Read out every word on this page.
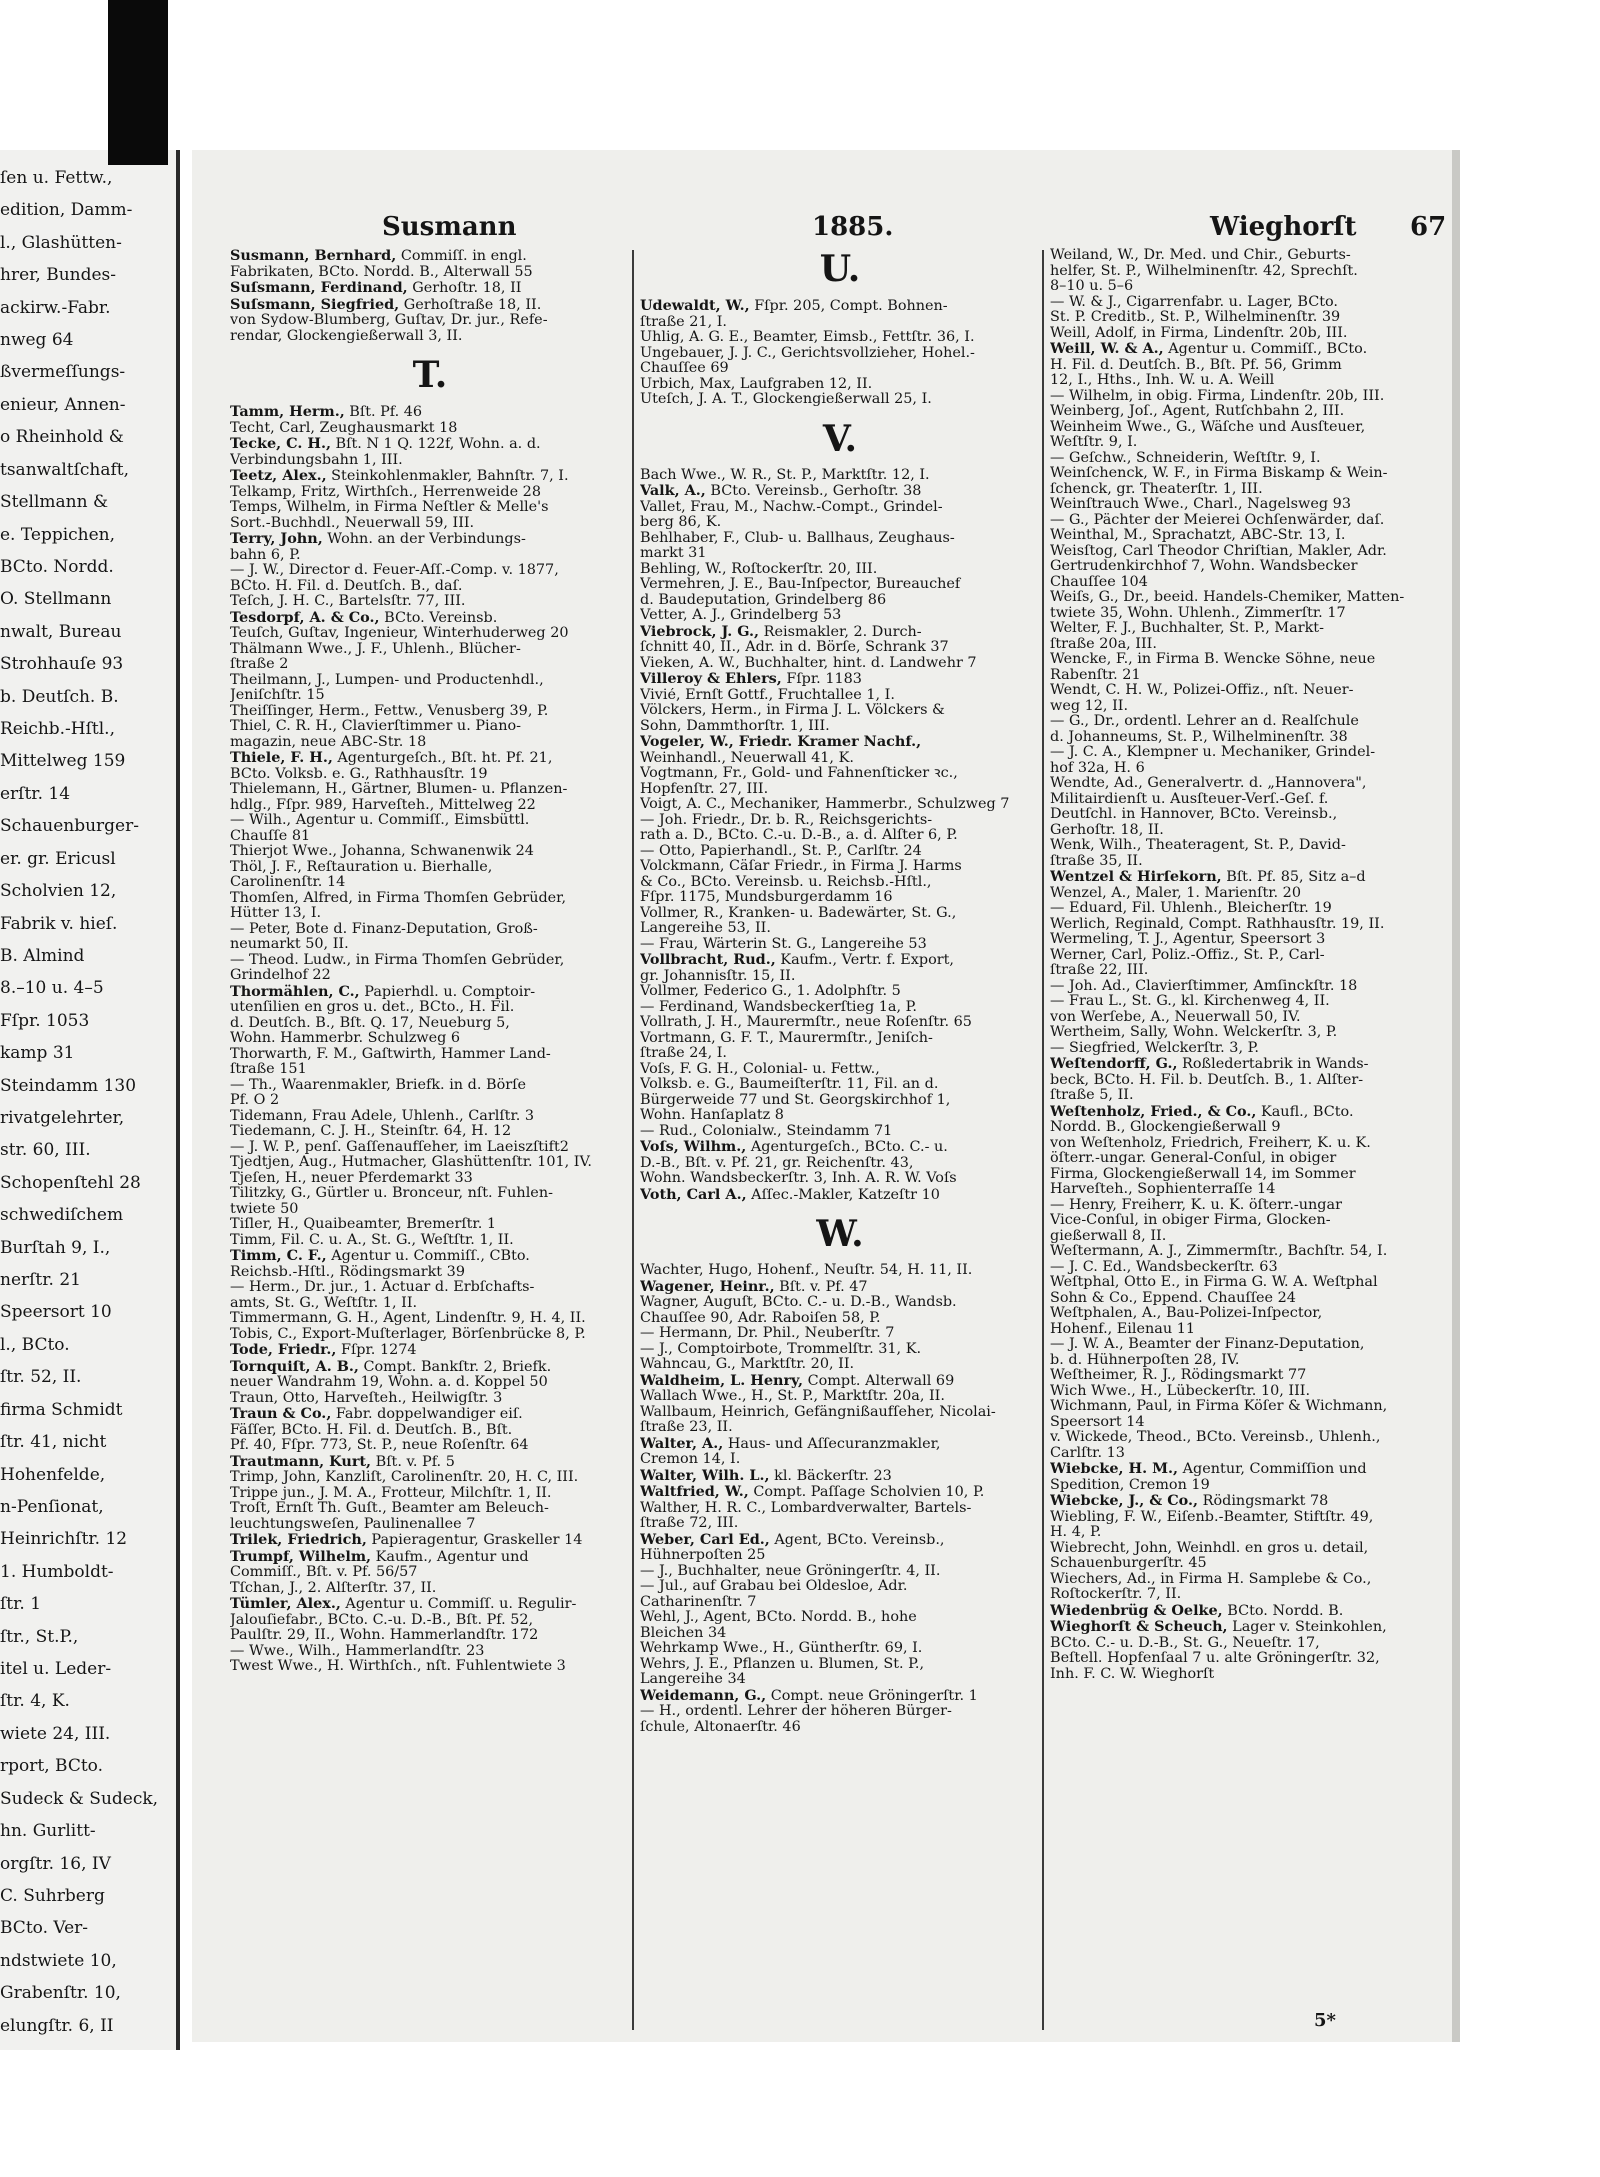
ſen u. Fettw.,
edition, Damm-
l., Glashütten-
hrer, Bundes-
ackirw.-Fabr.
nweg 64
ßvermeſſungs-
enieur, Annen-
o Rheinhold &
tsanwaltſchaft,
Stellmann &
e. Teppichen,
BCto. Nordd.
O. Stellmann
nwalt, Bureau
Strohhauſe 93
b. Deutſch. B.
Reichb.-Hſtl.,
Mittelweg 159
erſtr. 14
Schauenburger-
er. gr. Ericusl
Scholvien 12,
Fabrik v. hieſ.
B. Almind
8.–10 u. 4–5
Fſpr. 1053
kamp 31
Steindamm 130
rivatgelehrter,
str. 60, III.
Schopenſtehl 28
schwediſchem
Burſtah 9, I.,
nerſtr. 21
Speersort 10
l., BCto.
ſtr. 52, II.
firma Schmidt
ſtr. 41, nicht
Hohenfelde,
n-Penſionat,
Heinrichſtr. 12
1. Humboldt-
ſtr. 1
ſtr., St.P.,
itel u. Leder-
ſtr. 4, K.
wiete 24, III.
rport, BCto.
Sudeck & Sudeck,
hn. Gurlitt-
orgſtr. 16, IV
C. Suhrberg
BCto. Ver-
ndstwiete 10,
Grabenſtr. 10,
elungſtr. 6, II
Susmann	1885.	Wieghorſt 67
Susmann, Bernhard, Commiſſ. in engl.
Fabrikaten, BCto. Nordd. B., Alterwall 55
Suſsmann, Ferdinand, Gerhoſtr. 18, II
Suſsmann, Siegfried, Gerhoſtraße 18, II.
von Sydow-Blumberg, Guſtav, Dr. jur., Refe-
rendar, Glockengießerwall 3, II.
T.
Tamm, Herm., Bſt. Pf. 46
Techt, Carl, Zeughausmarkt 18
Tecke, C. H., Bſt. N 1 Q. 122f, Wohn. a. d.
Verbindungsbahn 1, III.
Teetz, Alex., Steinkohlenmakler, Bahnſtr. 7, I.
Telkamp, Fritz, Wirthſch., Herrenweide 28
Temps, Wilhelm, in Firma Neſtler & Melle's
Sort.-Buchhdl., Neuerwall 59, III.
Terry, John, Wohn. an der Verbindungs-
bahn 6, P.
— J. W., Director d. Feuer-Aſſ.-Comp. v. 1877,
BCto. H. Fil. d. Deutſch. B., daſ.
Teſch, J. H. C., Bartelsſtr. 77, III.
Tesdorpf, A. & Co., BCto. Vereinsb.
Teuſch, Guſtav, Ingenieur, Winterhuderweg 20
Thälmann Wwe., J. F., Uhlenh., Blücher-
ſtraße 2
Theilmann, J., Lumpen- und Productenhdl.,
Jeniſchſtr. 15
Theiſſinger, Herm., Fettw., Venusberg 39, P.
Thiel, C. R. H., Clavierſtimmer u. Piano-
magazin, neue ABC-Str. 18
Thiele, F. H., Agenturgeſch., Bſt. ht. Pf. 21,
BCto. Volksb. e. G., Rathhausſtr. 19
Thielemann, H., Gärtner, Blumen- u. Pflanzen-
hdlg., Fſpr. 989, Harveſteh., Mittelweg 22
— Wilh., Agentur u. Commiſſ., Eimsbüttl.
Chauſſe 81
Thierjot Wwe., Johanna, Schwanenwik 24
Thöl, J. F., Reſtauration u. Bierhalle,
Carolinenſtr. 14
Thomſen, Alfred, in Firma Thomſen Gebrüder,
Hütter 13, I.
— Peter, Bote d. Finanz-Deputation, Groß-
neumarkt 50, II.
— Theod. Ludw., in Firma Thomſen Gebrüder,
Grindelhof 22
Thormählen, C., Papierhdl. u. Comptoir-
utenſilien en gros u. det., BCto., H. Fil.
d. Deutſch. B., Bſt. Q. 17, Neueburg 5,
Wohn. Hammerbr. Schulzweg 6
Thorwarth, F. M., Gaſtwirth, Hammer Land-
ſtraße 151
— Th., Waarenmakler, Briefk. in d. Börſe
Pf. O 2
Tidemann, Frau Adele, Uhlenh., Carlſtr. 3
Tiedemann, C. J. H., Steinſtr. 64, H. 12
— J. W. P., penſ. Gaſſenaufſeher, im Laeiszſtift2
Tjedtjen, Aug., Hutmacher, Glashüttenſtr. 101, IV.
Tjeſen, H., neuer Pferdemarkt 33
Tilitzky, G., Gürtler u. Bronceur, nſt. Fuhlen-
twiete 50
Tiſler, H., Quaibeamter, Bremerſtr. 1
Timm, Fil. C. u. A., St. G., Weſtſtr. 1, II.
Timm, C. F., Agentur u. Commiſſ., CBto.
Reichsb.-Hſtl., Rödingsmarkt 39
— Herm., Dr. jur., 1. Actuar d. Erbſchafts-
amts, St. G., Weſtſtr. 1, II.
Timmermann, G. H., Agent, Lindenſtr. 9, H. 4, II.
Tobis, C., Export-Muſterlager, Börſenbrücke 8, P.
Tode, Friedr., Fſpr. 1274
Tornquiſt, A. B., Compt. Bankſtr. 2, Briefk.
neuer Wandrahm 19, Wohn. a. d. Koppel 50
Traun, Otto, Harveſteh., Heilwigſtr. 3
Traun & Co., Fabr. doppelwandiger eiſ.
Fäſſer, BCto. H. Fil. d. Deutſch. B., Bſt.
Pf. 40, Fſpr. 773, St. P., neue Roſenſtr. 64
Trautmann, Kurt, Bſt. v. Pf. 5
Trimp, John, Kanzliſt, Carolinenſtr. 20, H. C, III.
Trippe jun., J. M. A., Frotteur, Milchſtr. 1, II.
Troſt, Ernſt Th. Guſt., Beamter am Beleuch-
leuchtungsweſen, Paulinenallee 7
Trilek, Friedrich, Papieragentur, Graskeller 14
Trumpf, Wilhelm, Kaufm., Agentur und
Commiſſ., Bſt. v. Pf. 56/57
Tſchan, J., 2. Alſterſtr. 37, II.
Tümler, Alex., Agentur u. Commiſſ. u. Regulir-
Jalouſiefabr., BCto. C.-u. D.-B., Bſt. Pf. 52,
Paulſtr. 29, II., Wohn. Hammerlandſtr. 172
— Wwe., Wilh., Hammerlandſtr. 23
Twest Wwe., H. Wirthſch., nſt. Fuhlentwiete 3
U.
Udewaldt, W., Fſpr. 205, Compt. Bohnen-
ſtraße 21, I.
Uhlig, A. G. E., Beamter, Eimsb., Fettſtr. 36, I.
Ungebauer, J. J. C., Gerichtsvollzieher, Hohel.-
Chauſſee 69
Urbich, Max, Laufgraben 12, II.
Uteſch, J. A. T., Glockengießerwall 25, I.
V.
Bach Wwe., W. R., St. P., Marktſtr. 12, I.
Valk, A., BCto. Vereinsb., Gerhoſtr. 38
Vallet, Frau, M., Nachw.-Compt., Grindel-
berg 86, K.
Behlhaber, F., Club- u. Ballhaus, Zeughaus-
markt 31
Behling, W., Roſtockerſtr. 20, III.
Vermehren, J. E., Bau-Inſpector, Bureauchef
d. Baudeputation, Grindelberg 86
Vetter, A. J., Grindelberg 53
Viebrock, J. G., Reismakler, 2. Durch-
ſchnitt 40, II., Adr. in d. Börſe, Schrank 37
Vieken, A. W., Buchhalter, hint. d. Landwehr 7
Villeroy & Ehlers, Fſpr. 1183
Vivié, Ernſt Gottf., Fruchtallee 1, I.
Völckers, Herm., in Firma J. L. Völckers &
Sohn, Dammthorſtr. 1, III.
Vogeler, W., Friedr. Kramer Nachf.,
Weinhandl., Neuerwall 41, K.
Vogtmann, Fr., Gold- und Fahnenſticker ꝛc.,
Hopfenſtr. 27, III.
Voigt, A. C., Mechaniker, Hammerbr., Schulzweg 7
— Joh. Friedr., Dr. b. R., Reichsgerichts-
rath a. D., BCto. C.-u. D.-B., a. d. Alſter 6, P.
— Otto, Papierhandl., St. P., Carlſtr. 24
Volckmann, Cäſar Friedr., in Firma J. Harms
& Co., BCto. Vereinsb. u. Reichsb.-Hſtl.,
Fſpr. 1175, Mundsburgerdamm 16
Vollmer, R., Kranken- u. Badewärter, St. G.,
Langereihe 53, II.
— Frau, Wärterin St. G., Langereihe 53
Vollbracht, Rud., Kaufm., Vertr. f. Export,
gr. Johannisſtr. 15, II.
Vollmer, Federico G., 1. Adolphſtr. 5
— Ferdinand, Wandsbeckerſtieg 1a, P.
Vollrath, J. H., Maurermſtr., neue Roſenſtr. 65
Vortmann, G. F. T., Maurermſtr., Jeniſch-
ſtraße 24, I.
Voſs, F. G. H., Colonial- u. Fettw.,
Volksb. e. G., Baumeiſterſtr. 11, Fil. an d.
Bürgerweide 77 und St. Georgskirchhof 1,
Wohn. Hanſaplatz 8
— Rud., Colonialw., Steindamm 71
Voſs, Wilhm., Agenturgeſch., BCto. C.- u.
D.-B., Bſt. v. Pf. 21, gr. Reichenſtr. 43,
Wohn. Wandsbeckerſtr. 3, Inh. A. R. W. Voſs
Voth, Carl A., Aſſec.-Makler, Katzeſtr 10
W.
Wachter, Hugo, Hohenf., Neuſtr. 54, H. 11, II.
Wagener, Heinr., Bſt. v. Pf. 47
Wagner, Auguſt, BCto. C.- u. D.-B., Wandsb.
Chauſſee 90, Adr. Raboiſen 58, P.
— Hermann, Dr. Phil., Neuberſtr. 7
— J., Comptoirbote, Trommelſtr. 31, K.
Wahncau, G., Marktſtr. 20, II.
Waldheim, L. Henry, Compt. Alterwall 69
Wallach Wwe., H., St. P., Marktſtr. 20a, II.
Wallbaum, Heinrich, Gefängnißaufſeher, Nicolai-
ſtraße 23, II.
Walter, A., Haus- und Aſſecuranzmakler,
Cremon 14, I.
Walter, Wilh. L., kl. Bäckerſtr. 23
Waltfried, W., Compt. Paſſage Scholvien 10, P.
Walther, H. R. C., Lombardverwalter, Bartels-
ſtraße 72, III.
Weber, Carl Ed., Agent, BCto. Vereinsb.,
Hühnerpoſten 25
— J., Buchhalter, neue Gröningerſtr. 4, II.
— Jul., auf Grabau bei Oldesloe, Adr.
Catharinenſtr. 7
Wehl, J., Agent, BCto. Nordd. B., hohe
Bleichen 34
Wehrkamp Wwe., H., Güntherſtr. 69, I.
Wehrs, J. E., Pflanzen u. Blumen, St. P.,
Langereihe 34
Weidemann, G., Compt. neue Gröningerſtr. 1
— H., ordentl. Lehrer der höheren Bürger-
ſchule, Altonaerſtr. 46
Weiland, W., Dr. Med. und Chir., Geburts-
helfer, St. P., Wilhelminenſtr. 42, Sprechſt.
8–10 u. 5–6
— W. & J., Cigarrenfabr. u. Lager, BCto.
St. P. Creditb., St. P., Wilhelminenſtr. 39
Weill, Adolf, in Firma, Lindenſtr. 20b, III.
Weill, W. & A., Agentur u. Commiſſ., BCto.
H. Fil. d. Deutſch. B., Bſt. Pf. 56, Grimm
12, I., Hths., Inh. W. u. A. Weill
— Wilhelm, in obig. Firma, Lindenſtr. 20b, III.
Weinberg, Joſ., Agent, Rutſchbahn 2, III.
Weinheim Wwe., G., Wäſche und Ausſteuer,
Weſtſtr. 9, I.
— Geſchw., Schneiderin, Weſtſtr. 9, I.
Weinſchenck, W. F., in Firma Biskamp & Wein-
ſchenck, gr. Theaterſtr. 1, III.
Weinſtrauch Wwe., Charl., Nagelsweg 93
— G., Pächter der Meierei Ochſenwärder, daſ.
Weinthal, M., Sprachatzt, ABC-Str. 13, I.
Weisſtog, Carl Theodor Chriſtian, Makler, Adr.
Gertrudenkirchhof 7, Wohn. Wandsbecker
Chauſſee 104
Weiſs, G., Dr., beeid. Handels-Chemiker, Matten-
twiete 35, Wohn. Uhlenh., Zimmerſtr. 17
Welter, F. J., Buchhalter, St. P., Markt-
ſtraße 20a, III.
Wencke, F., in Firma B. Wencke Söhne, neue
Rabenſtr. 21
Wendt, C. H. W., Polizei-Offiz., nſt. Neuer-
weg 12, II.
— G., Dr., ordentl. Lehrer an d. Realſchule
d. Johanneums, St. P., Wilhelminenſtr. 38
— J. C. A., Klempner u. Mechaniker, Grindel-
hof 32a, H. 6
Wendte, Ad., Generalvertr. d. „Hannovera",
Militairdienſt u. Ausſteuer-Verſ.-Geſ. f.
Deutſchl. in Hannover, BCto. Vereinsb.,
Gerhoſtr. 18, II.
Wenk, Wilh., Theateragent, St. P., David-
ſtraße 35, II.
Wentzel & Hirſekorn, Bſt. Pf. 85, Sitz a–d
Wenzel, A., Maler, 1. Marienſtr. 20
— Eduard, Fil. Uhlenh., Bleicherſtr. 19
Werlich, Reginald, Compt. Rathhausſtr. 19, II.
Wermeling, T. J., Agentur, Speersort 3
Werner, Carl, Poliz.-Offiz., St. P., Carl-
ſtraße 22, III.
— Joh. Ad., Clavierſtimmer, Amſinckſtr. 18
— Frau L., St. G., kl. Kirchenweg 4, II.
von Werſebe, A., Neuerwall 50, IV.
Wertheim, Sally, Wohn. Welckerſtr. 3, P.
— Siegfried, Welckerſtr. 3, P.
Weſtendorff, G., Roßledertabrik in Wands-
beck, BCto. H. Fil. b. Deutſch. B., 1. Alſter-
ſtraße 5, II.
Weſtenholz, Fried., & Co., Kaufl., BCto.
Nordd. B., Glockengießerwall 9
von Weſtenholz, Friedrich, Freiherr, K. u. K.
öſterr.-ungar. General-Conſul, in obiger
Firma, Glockengießerwall 14, im Sommer
Harveſteh., Sophienterraſſe 14
— Henry, Freiherr, K. u. K. öſterr.-ungar
Vice-Conſul, in obiger Firma, Glocken-
gießerwall 8, II.
Weſtermann, A. J., Zimmermſtr., Bachſtr. 54, I.
— J. C. Ed., Wandsbeckerſtr. 63
Weſtphal, Otto E., in Firma G. W. A. Weſtphal
Sohn & Co., Eppend. Chauſſee 24
Weſtphalen, A., Bau-Polizei-Inſpector,
Hohenf., Eilenau 11
— J. W. A., Beamter der Finanz-Deputation,
b. d. Hühnerpoſten 28, IV.
Weſtheimer, R. J., Rödingsmarkt 77
Wich Wwe., H., Lübeckerſtr. 10, III.
Wichmann, Paul, in Firma Köſer & Wichmann,
Speersort 14
v. Wickede, Theod., BCto. Vereinsb., Uhlenh.,
Carlſtr. 13
Wiebcke, H. M., Agentur, Commiſſion und
Spedition, Cremon 19
Wiebcke, J., & Co., Rödingsmarkt 78
Wiebling, F. W., Eiſenb.-Beamter, Stiftſtr. 49,
H. 4, P.
Wiebrecht, John, Weinhdl. en gros u. detail,
Schauenburgerſtr. 45
Wiechers, Ad., in Firma H. Samplebe & Co.,
Roſtockerſtr. 7, II.
Wiedenbrüg & Oelke, BCto. Nordd. B.
Wieghorſt & Scheuch, Lager v. Steinkohlen,
BCto. C.- u. D.-B., St. G., Neueſtr. 17,
Beſtell. Hopfenſaal 7 u. alte Gröningerſtr. 32,
Inh. F. C. W. Wieghorſt
5*
